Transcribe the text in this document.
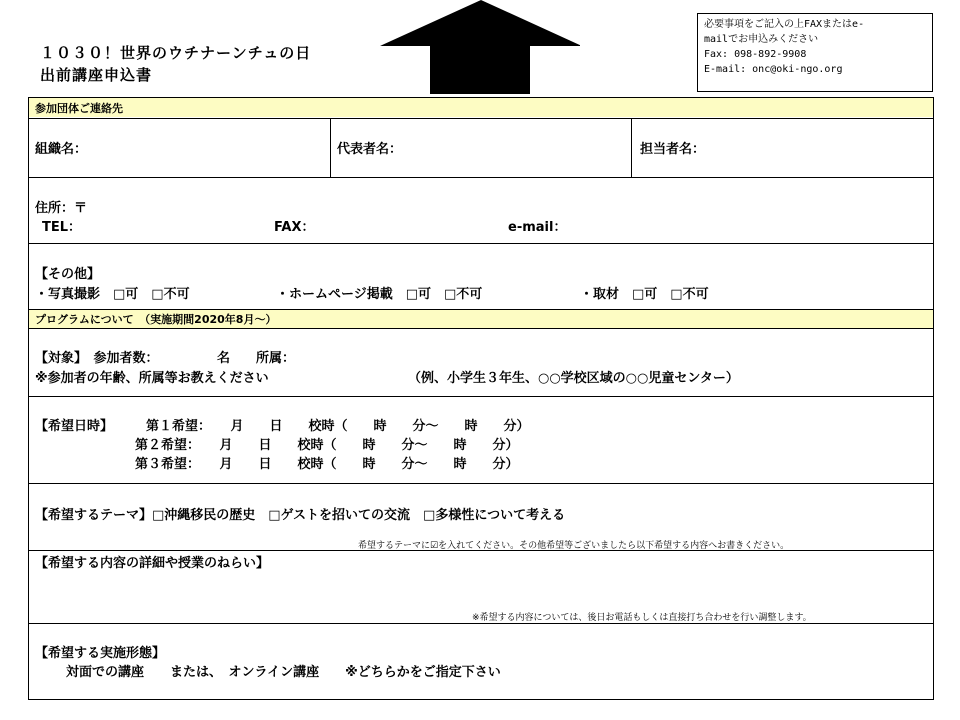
１０３０！世界のウチナーンチュの日
出前講座申込書
必要事項をご記入の上FAXまたはe-
mailでお申込みください
Fax: 098-892-9908
E-mail: onc@oki-ngo.org
参加団体ご連絡先
組織名：	代表者名：	担当者名：
住所：〒
TEL：	FAX：	e-mail：
【その他】
・写真撮影　□可　□不可	・ホームページ掲載　□可　□不可	・取材　□可　□不可
プログラムについて　（実施期間2020年8月～）
【対象】　参加者数：　　　　　名　　所属：
※参加者の年齢、所属等お教えください	（例、小学生３年生、○○学校区域の○○児童センター）
【希望日時】	第１希望：　　月　　日　　校時（　　時　　分～　　時　　分）
第２希望：　　月　　日　　校時（　　時　　分～　　時　　分）
第３希望：　　月　　日　　校時（　　時　　分～　　時　　分）
【希望するテーマ】□沖縄移民の歴史　□ゲストを招いての交流　□多様性について考える
希望するテーマに☑を入れてください。その他希望等ございましたら以下希望する内容へお書きください。
【希望する内容の詳細や授業のねらい】
※希望する内容については、後日お電話もしくは直接打ち合わせを行い調整します。
【希望する実施形態】
対面での講座　　または、　オンライン講座　　※どちらかをご指定下さい
